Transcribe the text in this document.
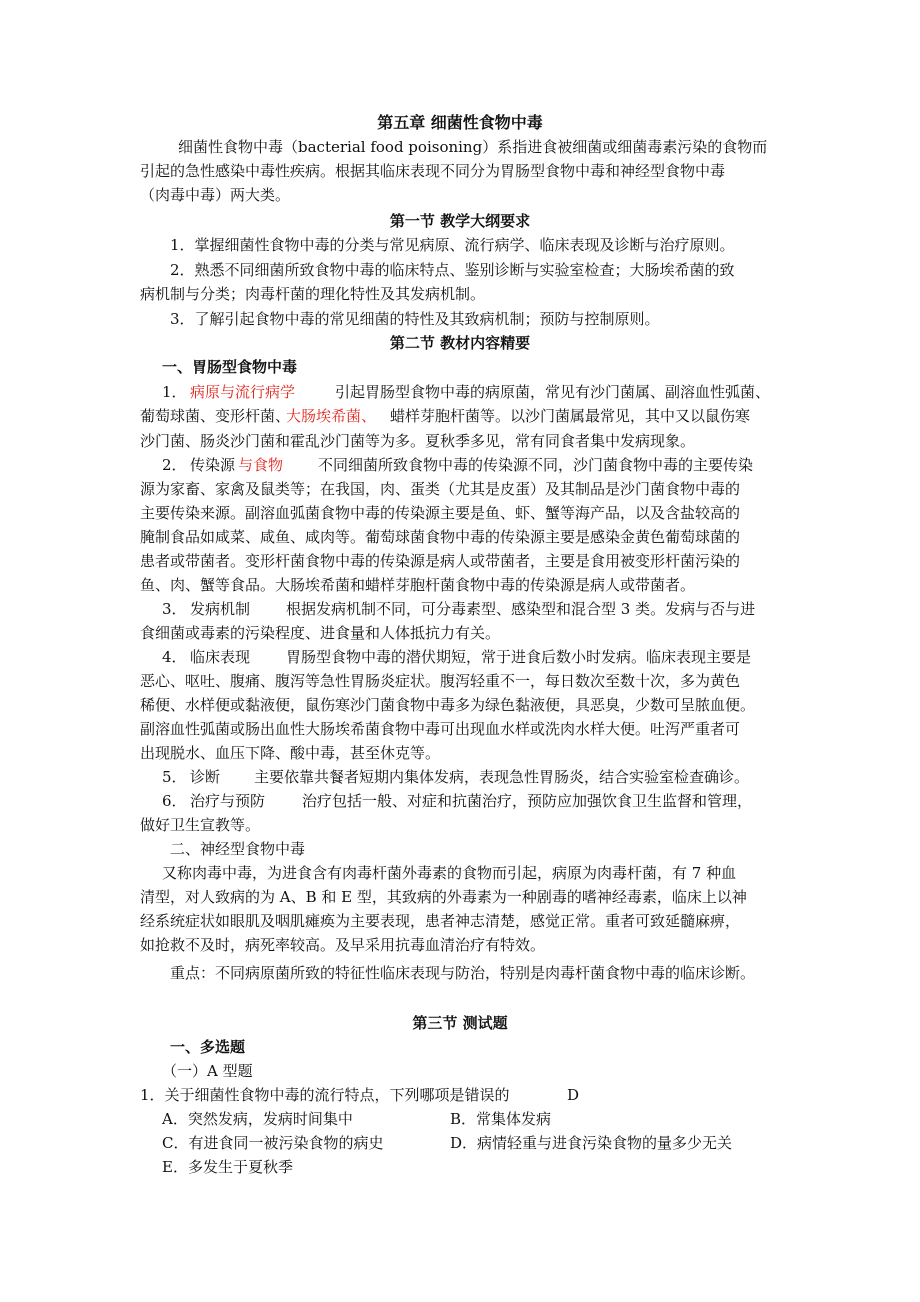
第五章 细菌性食物中毒
细菌性食物中毒（bacterial food poisoning）系指进食被细菌或细菌毒素污染的食物而
引起的急性感染中毒性疾病。根据其临床表现不同分为胃肠型食物中毒和神经型食物中毒
（肉毒中毒）两大类。
第一节 教学大纲要求
1．掌握细菌性食物中毒的分类与常见病原、流行病学、临床表现及诊断与治疗原则。
2．熟悉不同细菌所致食物中毒的临床特点、鉴别诊断与实验室检查；大肠埃希菌的致
病机制与分类；肉毒杆菌的理化特性及其发病机制。
3．了解引起食物中毒的常见细菌的特性及其致病机制；预防与控制原则。
第二节 教材内容精要
一、胃肠型食物中毒
1． 病原与流行病学	引起胃肠型食物中毒的病原菌，常见有沙门菌属、副溶血性弧菌、
葡萄球菌、变形杆菌、
大肠埃希菌、 蜡样芽胞杆菌等。以沙门菌属最常见，其中又以鼠伤寒
沙门菌、肠炎沙门菌和霍乱沙门菌等为多。夏秋季多见，常有同食者集中发病现象。
2． 传染源 与食物 不同细菌所致食物中毒的传染源不同，沙门菌食物中毒的主要传染
源为家畜、家禽及鼠类等；在我国，肉、蛋类（尤其是皮蛋）及其制品是沙门菌食物中毒的
主要传染来源。副溶血弧菌食物中毒的传染源主要是鱼、虾、蟹等海产品，以及含盐较高的
腌制食品如咸菜、咸鱼、咸肉等。葡萄球菌食物中毒的传染源主要是感染金黄色葡萄球菌的
患者或带菌者。变形杆菌食物中毒的传染源是病人或带菌者，主要是食用被变形杆菌污染的
鱼、肉、蟹等食品。大肠埃希菌和蜡样芽胞杆菌食物中毒的传染源是病人或带菌者。
3． 发病机制 根据发病机制不同，可分毒素型、感染型和混合型 3 类。发病与否与进
食细菌或毒素的污染程度、进食量和人体抵抗力有关。
4． 临床表现 胃肠型食物中毒的潜伏期短，常于进食后数小时发病。临床表现主要是
恶心、呕吐、腹痛、腹泻等急性胃肠炎症状。腹泻轻重不一，每日数次至数十次，多为黄色
稀便、水样便或黏液便，鼠伤寒沙门菌食物中毒多为绿色黏液便，具恶臭，少数可呈脓血便。
副溶血性弧菌或肠出血性大肠埃希菌食物中毒可出现血水样或洗肉水样大便。吐泻严重者可
出现脱水、血压下降、酸中毒，甚至休克等。
5． 诊断 主要依靠共餐者短期内集体发病，表现急性胃肠炎，结合实验室检查确诊。
6． 治疗与预防 治疗包括一般、对症和抗菌治疗，预防应加强饮食卫生监督和管理，
做好卫生宣教等。
二、神经型食物中毒
又称肉毒中毒，为进食含有肉毒杆菌外毒素的食物而引起，病原为肉毒杆菌，有 7 种血
清型，对人致病的为 A、B 和 E 型，其致病的外毒素为一种剧毒的嗜神经毒素，临床上以神
经系统症状如眼肌及咽肌瘫痪为主要表现，患者神志清楚，感觉正常。重者可致延髓麻痹，
如抢救不及时，病死率较高。及早采用抗毒血清治疗有特效。
重点：不同病原菌所致的特征性临床表现与防治，特别是肉毒杆菌食物中毒的临床诊断。
第三节 测试题
一、多选题
（一）A 型题
1．关于细菌性食物中毒的流行特点，下列哪项是错误的	D
A．突然发病，发病时间集中	B．常集体发病
C．有进食同一被污染食物的病史	D．病情轻重与进食污染食物的量多少无关
E．多发生于夏秋季
